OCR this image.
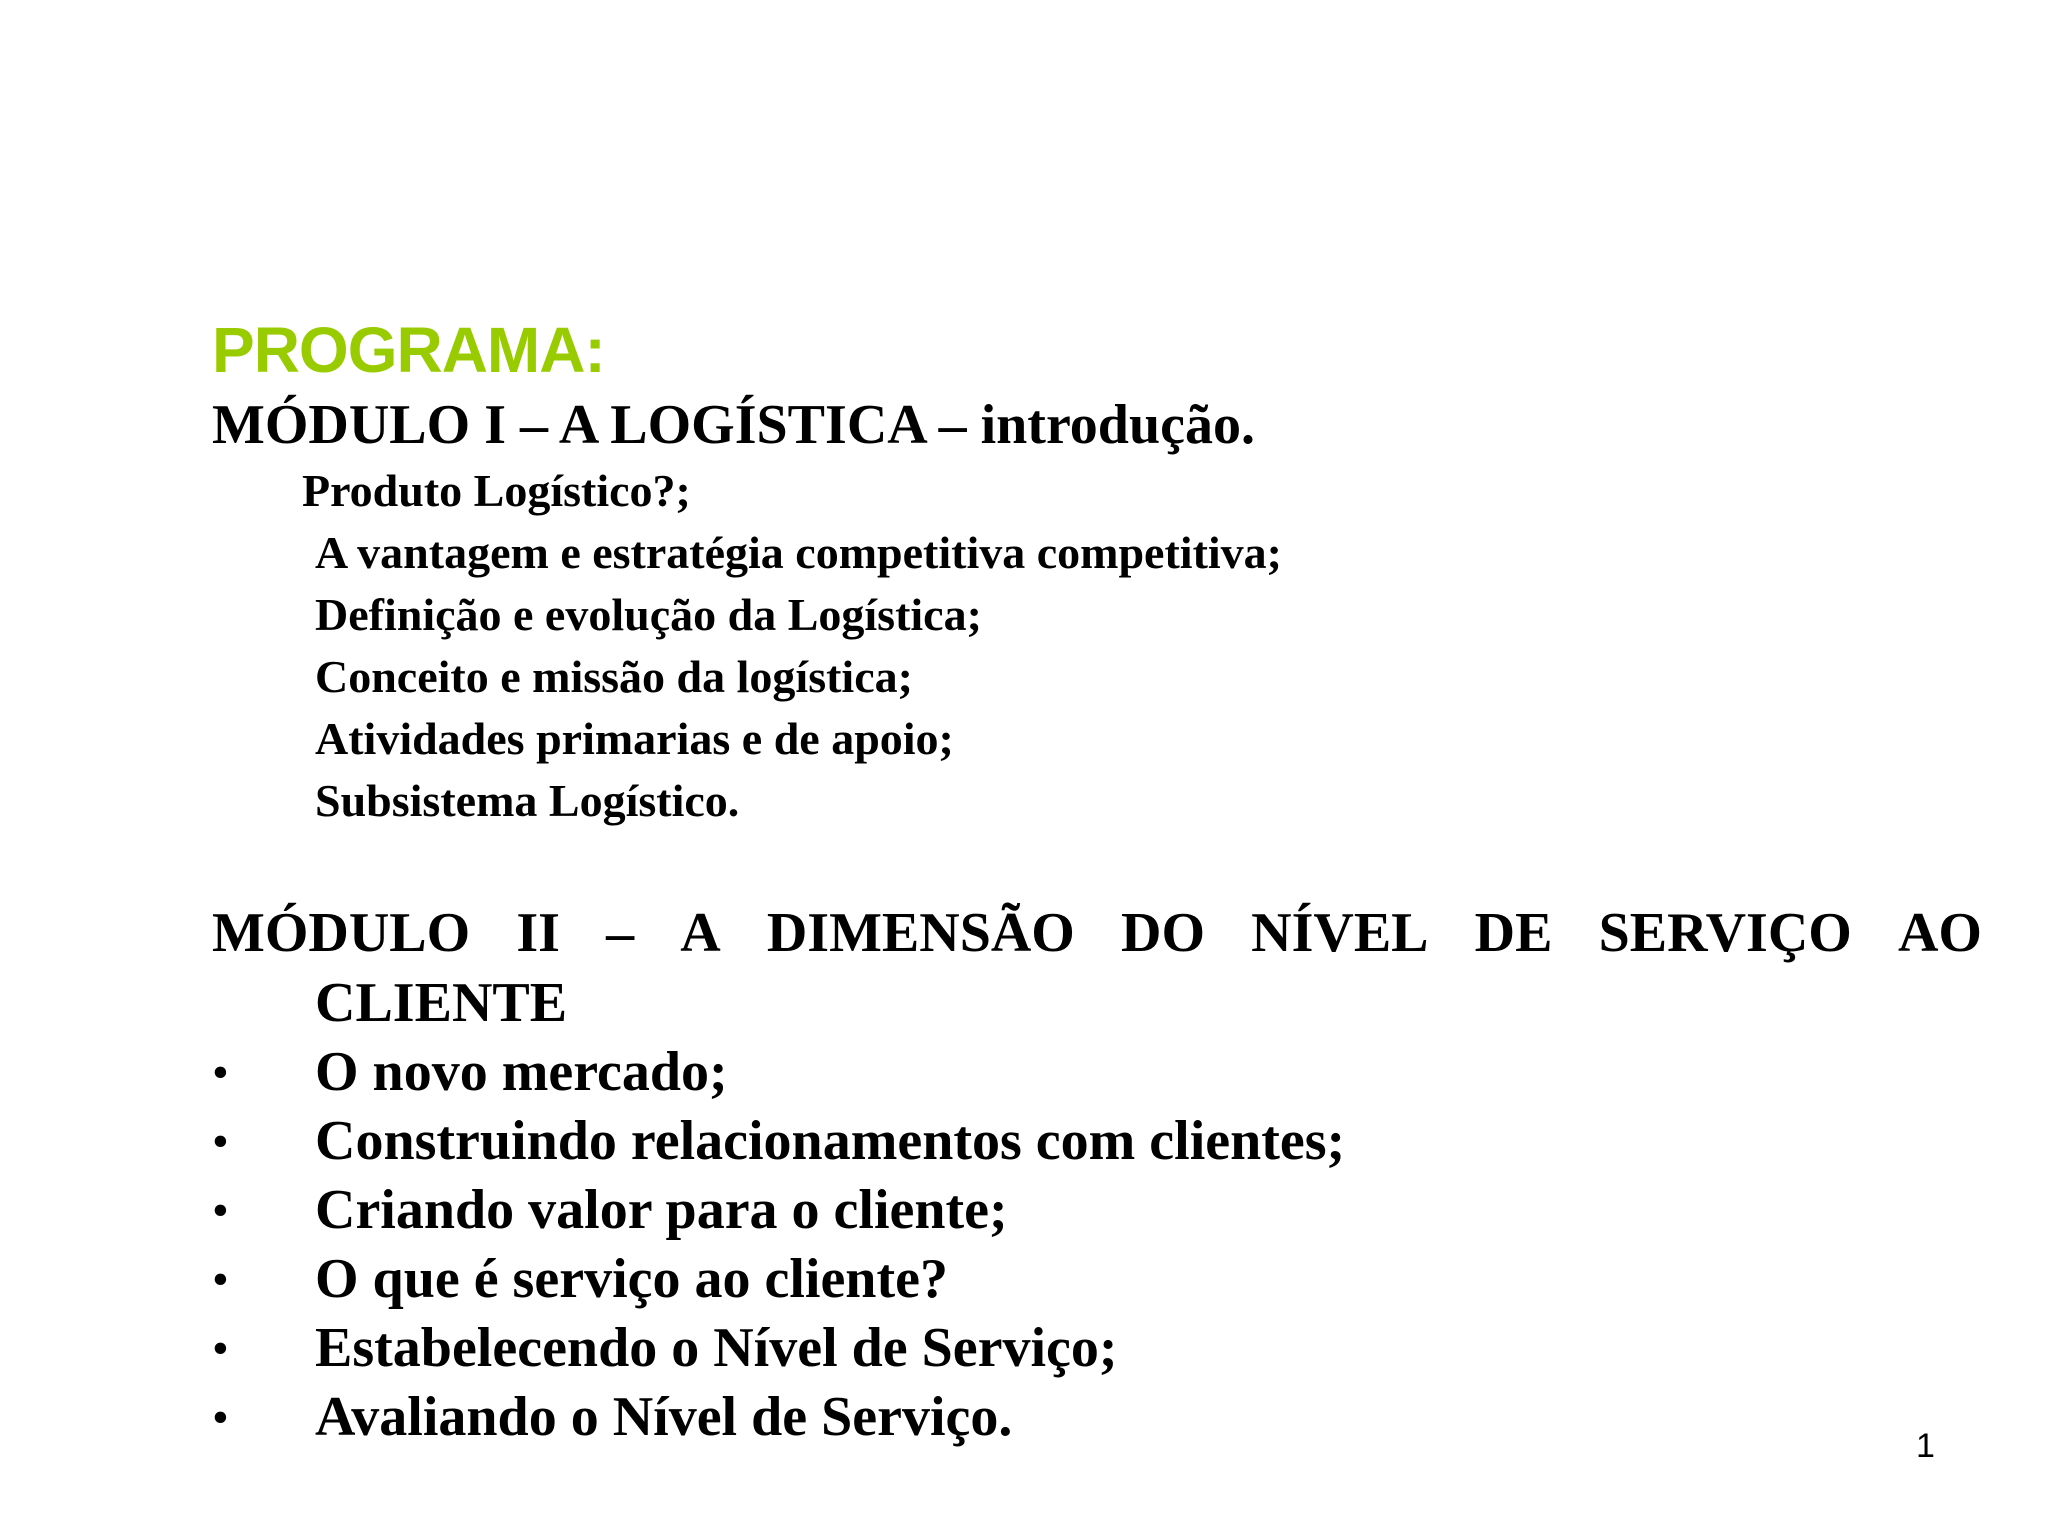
PROGRAMA:
MÓDULO I – A LOGÍSTICA – introdução.
Produto Logístico?;
A vantagem e estratégia competitiva competitiva;
Definição e evolução da Logística;
Conceito e missão da logística;
Atividades primarias e de apoio;
Subsistema Logístico.
MÓDULO II – A DIMENSÃO DO NÍVEL DE SERVIÇO AO
CLIENTE
• O novo mercado;
• Construindo relacionamentos com clientes;
• Criando valor para o cliente;
• O que é serviço ao cliente?
• Estabelecendo o Nível de Serviço;
• Avaliando o Nível de Serviço.	1
